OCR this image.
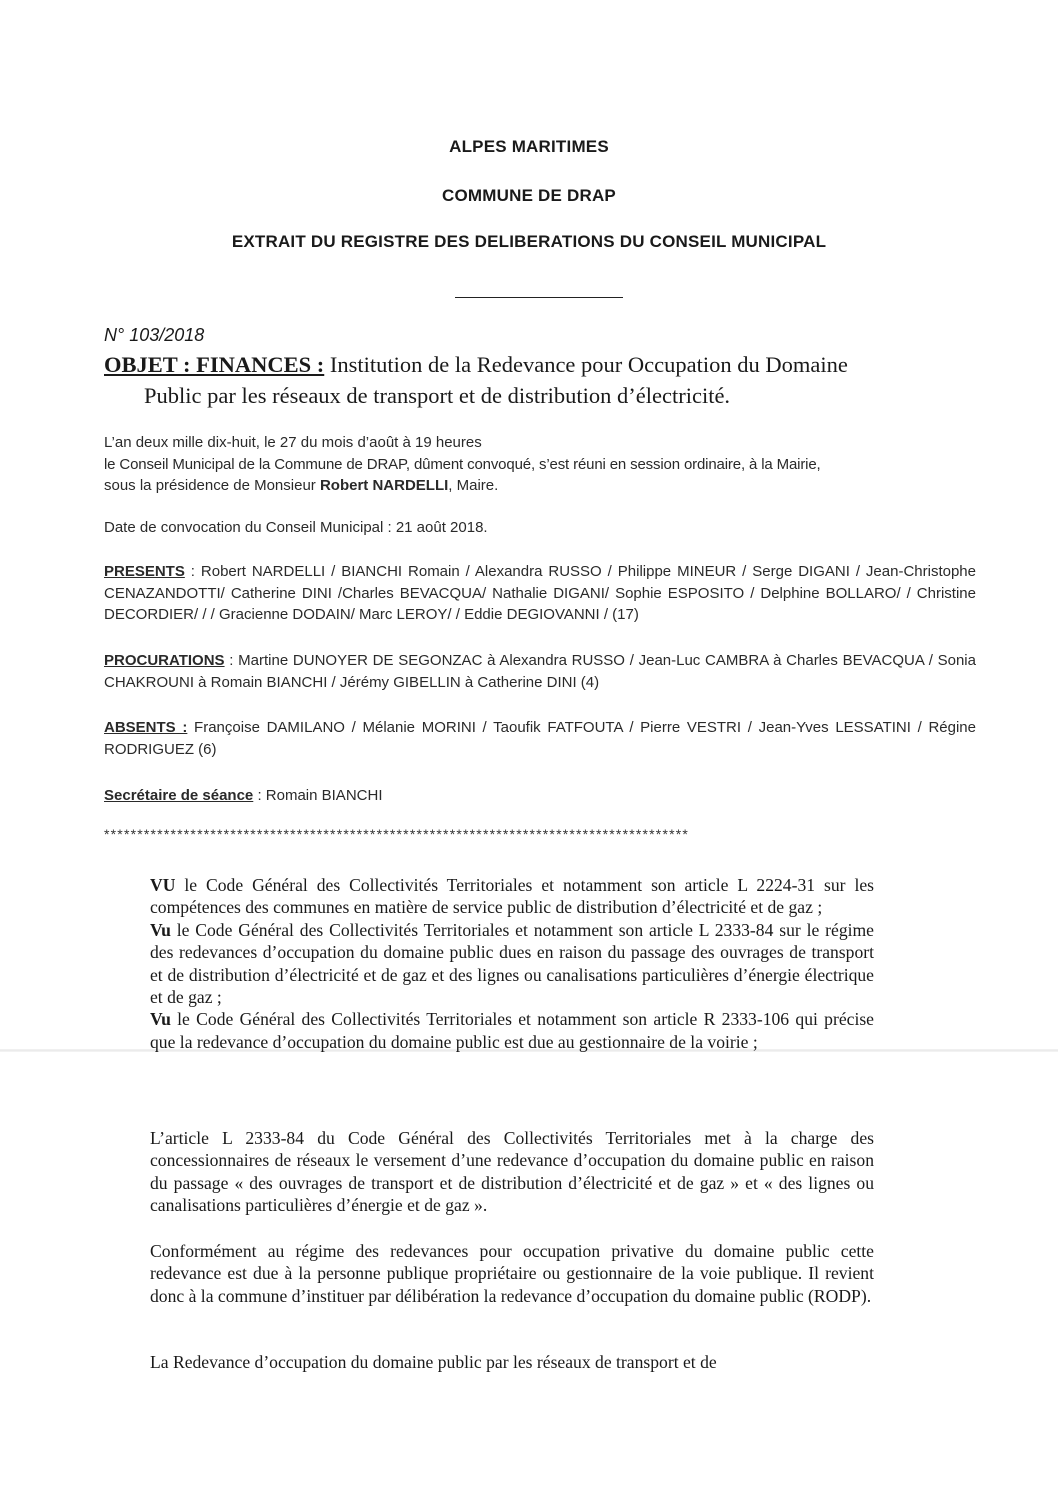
ALPES MARITIMES
COMMUNE DE DRAP
EXTRAIT DU REGISTRE DES DELIBERATIONS DU CONSEIL MUNICIPAL
N° 103/2018
OBJET : FINANCES : Institution de la Redevance pour Occupation du Domaine
Public par les réseaux de transport et de distribution d’électricité.
L’an deux mille dix-huit, le 27 du mois d’août à 19 heures
le Conseil Municipal de la Commune de DRAP, dûment convoqué, s’est réuni en session ordinaire, à la Mairie,
sous la présidence de Monsieur Robert NARDELLI, Maire.
Date de convocation du Conseil Municipal : 21 août 2018.
PRESENTS : Robert NARDELLI / BIANCHI Romain / Alexandra RUSSO / Philippe MINEUR / Serge DIGANI / Jean-Christophe CENAZANDOTTI/ Catherine DINI /Charles BEVACQUA/ Nathalie DIGANI/ Sophie ESPOSITO / Delphine BOLLARO/ / Christine DECORDIER/ / / Gracienne DODAIN/ Marc LEROY/ / Eddie DEGIOVANNI / (17)
PROCURATIONS : Martine DUNOYER DE SEGONZAC à Alexandra RUSSO / Jean-Luc CAMBRA à Charles BEVACQUA / Sonia CHAKROUNI à Romain BIANCHI / Jérémy GIBELLIN à Catherine DINI (4)
ABSENTS : Françoise DAMILANO / Mélanie MORINI / Taoufik FATFOUTA / Pierre VESTRI / Jean-Yves LESSATINI / Régine RODRIGUEZ (6)
Secrétaire de séance : Romain BIANCHI
****************************************************************************************

VU le Code Général des Collectivités Territoriales et notamment son article L 2224-31 sur les compétences des communes en matière de service public de distribution d’électricité et de gaz ;

Vu le Code Général des Collectivités Territoriales et notamment son article L 2333-84 sur le régime des redevances d’occupation du domaine public dues en raison du passage des ouvrages de transport et de distribution d’électricité et de gaz et des lignes ou canalisations particulières d’énergie électrique et de gaz ;

Vu le Code Général des Collectivités Territoriales et notamment son article R 2333-106 qui précise que la redevance d’occupation du domaine public est due au gestionnaire de la voirie ;

L’article L 2333-84 du Code Général des Collectivités Territoriales met à la charge des concessionnaires de réseaux le versement d’une redevance d’occupation du domaine public en raison du passage « des ouvrages de transport et de distribution d’électricité et de gaz » et « des lignes ou canalisations particulières d’énergie et de gaz ».
Conformément au régime des redevances pour occupation privative du domaine public cette redevance est due à la personne publique propriétaire ou gestionnaire de la voie publique. Il revient donc à la commune d’instituer par délibération la redevance d’occupation du domaine public (RODP).
La Redevance d’occupation du domaine public par les réseaux de transport et de
